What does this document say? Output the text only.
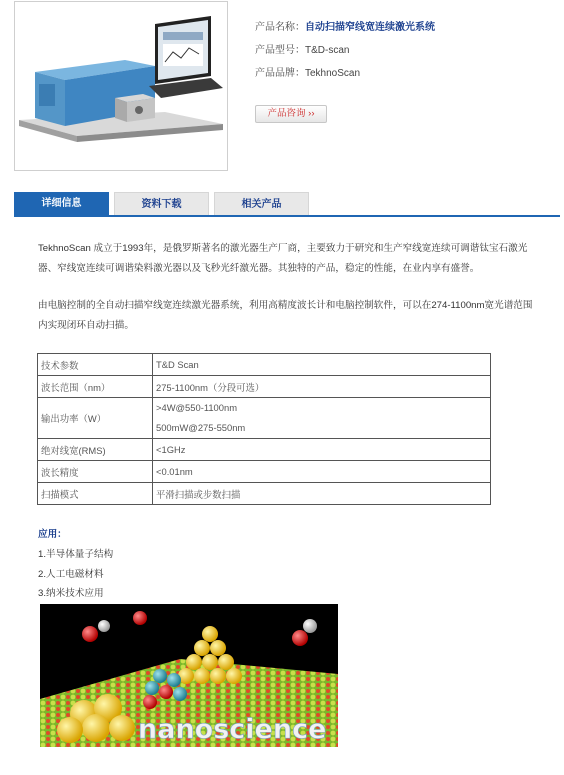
产品名称：自动扫描窄线宽连续激光系统
产品型号：T&D-scan
产品品牌：TekhnoScan
产品咨询 ››
详细信息	资料下载	相关产品
TekhnoScan 成立于1993年，是俄罗斯著名的激光器生产厂商，主要致力于研究和生产窄线宽连续可调谐钛宝石激光器、窄线宽连续可调谐染料激光器以及飞秒光纤激光器。其独特的产品，稳定的性能，在业内享有盛誉。
由电脑控制的全自动扫描窄线宽连续激光器系统，利用高精度波长计和电脑控制软件，可以在274-1100nm宽光谱范围内实现闭环自动扫描。
技术参数	T&D Scan
波长范围（nm）	275-1100nm（分段可选）
输出功率（W）	>4W@550-1100nm
500mW@275-550nm

绝对线宽(RMS)	<1GHz
波长精度	<0.01nm
扫描模式	平滑扫描或步数扫描
应用：
1.半导体量子结构
2.人工电磁材料
3.纳米技术应用
nanoscience
